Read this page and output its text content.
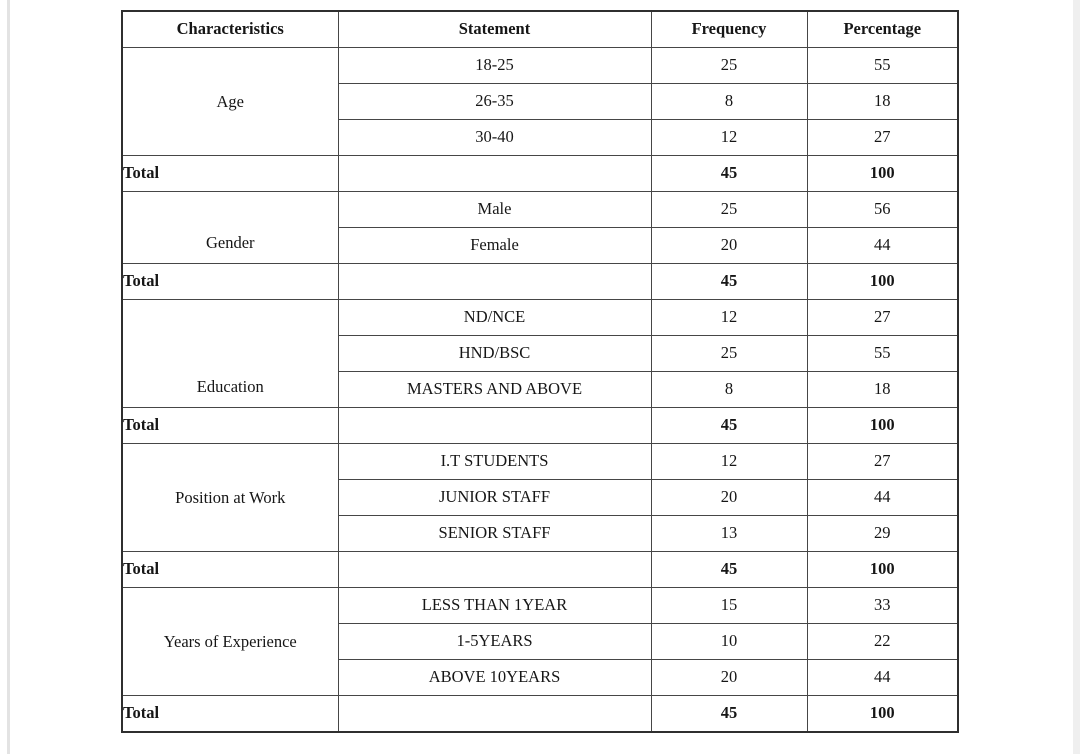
Characteristics	Statement	Frequency	Percentage

Age	18-25	25	55
	26-35	8	18
	30-40	12	27
Total		45	100

Gender	Male	25	56
	Female	20	44
Total		45	100

Education	ND/NCE	12	27
	HND/BSC	25	55
	MASTERS AND ABOVE	8	18
Total		45	100

Position at Work	I.T STUDENTS	12	27
	JUNIOR STAFF	20	44
	SENIOR STAFF	13	29
Total		45	100

Years of Experience	LESS THAN 1YEAR	15	33
	1-5YEARS	10	22
	ABOVE 10YEARS	20	44
Total		45	100
